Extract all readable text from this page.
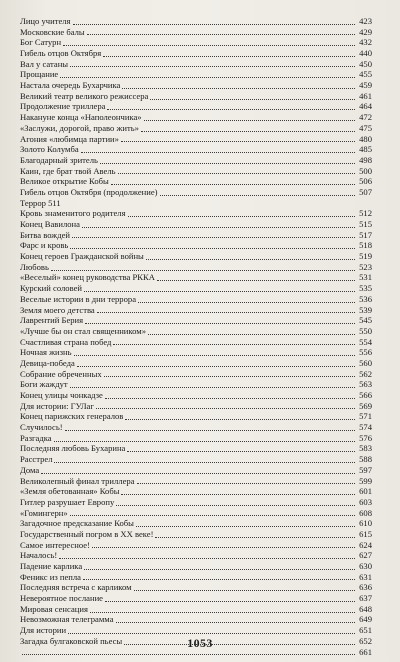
Лицо учителя	423
Московские балы	429
Бог Сатурн	432
Гибель отцов Октября	440
Вал у сатаны	450
Прощание	455
Настала очередь Бухарчика	459
Великий театр великого режиссера	461
Продолжение триллера	464
Накануне конца «Наполеончика»	472
«Заслужи, дорогой, право жить»	475
Агония «любимца партии»	480
Золото Колумба	485
Благодарный зритель	498
Каин, где брат твой Авель	500
Великое открытие Кобы	506
Гибель отцов Октября (продолжение)	507
Террор 511
Кровь знаменитого родителя	512
Конец Вавилона	515
Битва вождей	517
Фарс и кровь	518
Конец героев Гражданской войны	519
Любовь	523
«Веселый» конец руководства РККА	531
Курский соловей	535
Веселые истории в дни террора	536
Земля моего детства	539
Лаврентий Берия	545
«Лучше бы он стал священником»	550
Счастливая страна побед	554
Ночная жизнь	556
Девица-победа	560
Собрание обреченных	562
Боги жаждут	563
Конец улицы чонкадзе	566
Для истории: ГУЛаг	569
Конец парижских генералов	571
Случилось!	574
Разгадка	576
Последняя любовь Бухарина	583
Расстрел	588
Дома	597
Великолепный финал триллера	599
«Земля обетованная» Кобы	601
Гитлер разрушает Европу	603
«Гомингерн»	608
Загадочное предсказание Кобы	610
Государственный погром в XX веке!	615
Самое интересное!	624
Началось!	627
Падение карлика	630
Феникс из пепла	631
Последняя встреча с карликом	636
Невероятное послание	637
Мировая сенсация	648
Невозможная телеграмма	649
Для истории	651
Загадка булгаковской пьесы	652
661
1053
